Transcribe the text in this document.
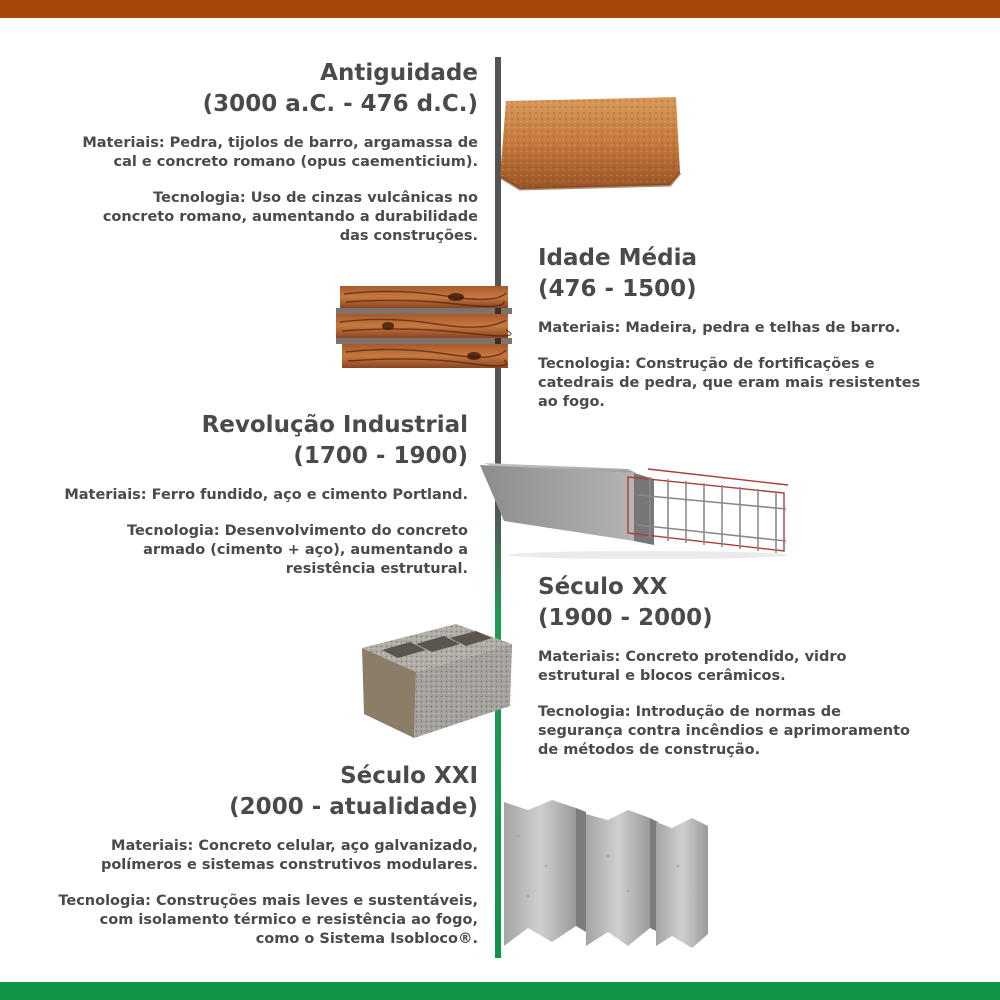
Antiguidade

(3000 a.C. - 476 d.C.)

Materiais: Pedra, tijolos de barro, argamassa de
cal e concreto romano (opus caementicium).

Tecnologia: Uso de cinzas vulcânicas no
concreto romano, aumentando a durabilidade
das construções.

Idade Média

(476 - 1500)

Materiais: Madeira, pedra e telhas de barro.

Tecnologia: Construção de fortificações e
catedrais de pedra, que eram mais resistentes
ao fogo.

Revolução Industrial

(1700 - 1900)

Materiais: Ferro fundido, aço e cimento Portland.

Tecnologia: Desenvolvimento do concreto
armado (cimento + aço), aumentando a
resistência estrutural.

Século XX

(1900 - 2000)

Materiais: Concreto protendido, vidro
estrutural e blocos cerâmicos.

Tecnologia: Introdução de normas de
segurança contra incêndios e aprimoramento
de métodos de construção.

Século XXI

(2000 - atualidade)

Materiais: Concreto celular, aço galvanizado,
polímeros e sistemas construtivos modulares.

Tecnologia: Construções mais leves e sustentáveis,
com isolamento térmico e resistência ao fogo,
como o Sistema Isobloco®.
